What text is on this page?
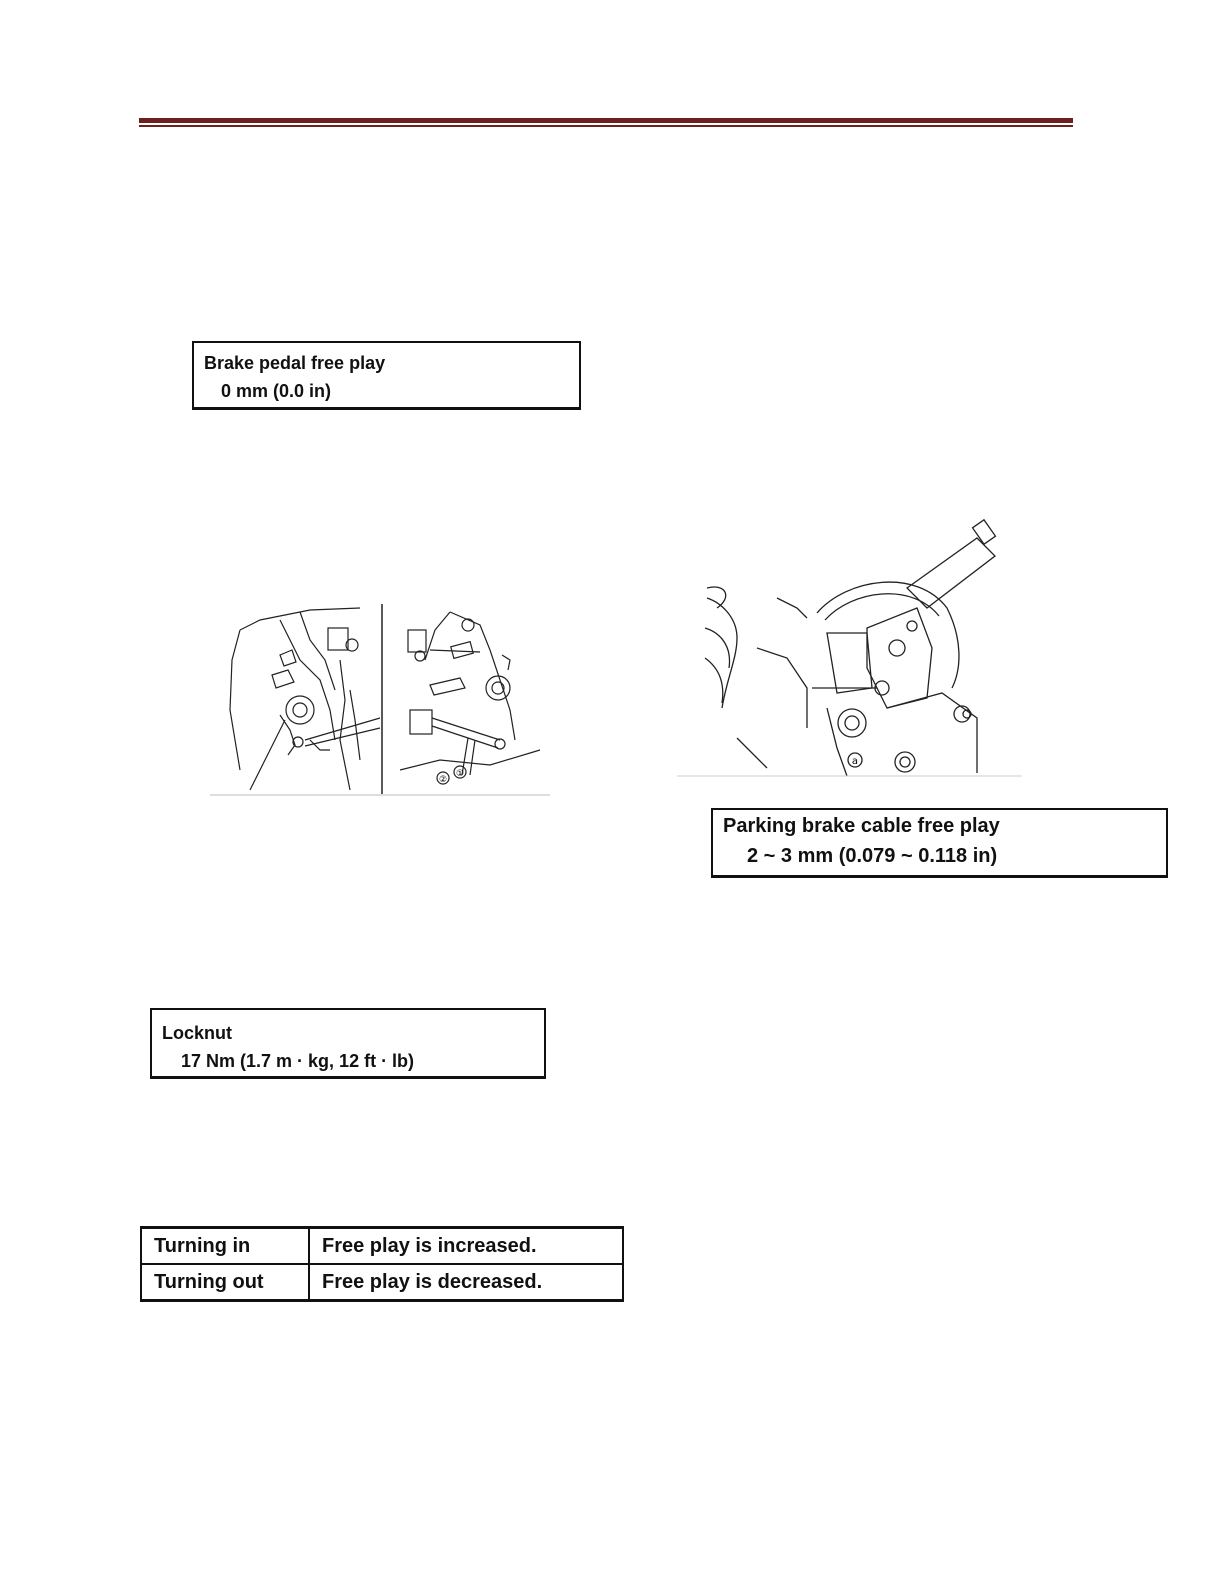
Brake pedal free play
0 mm (0.0 in)
②
①
a
Parking brake cable free play
2 ~ 3 mm (0.079 ~ 0.118 in)
Locknut
17 Nm (1.7 m · kg, 12 ft · lb)
Turning in	Free play is increased.
Turning out	Free play is decreased.
